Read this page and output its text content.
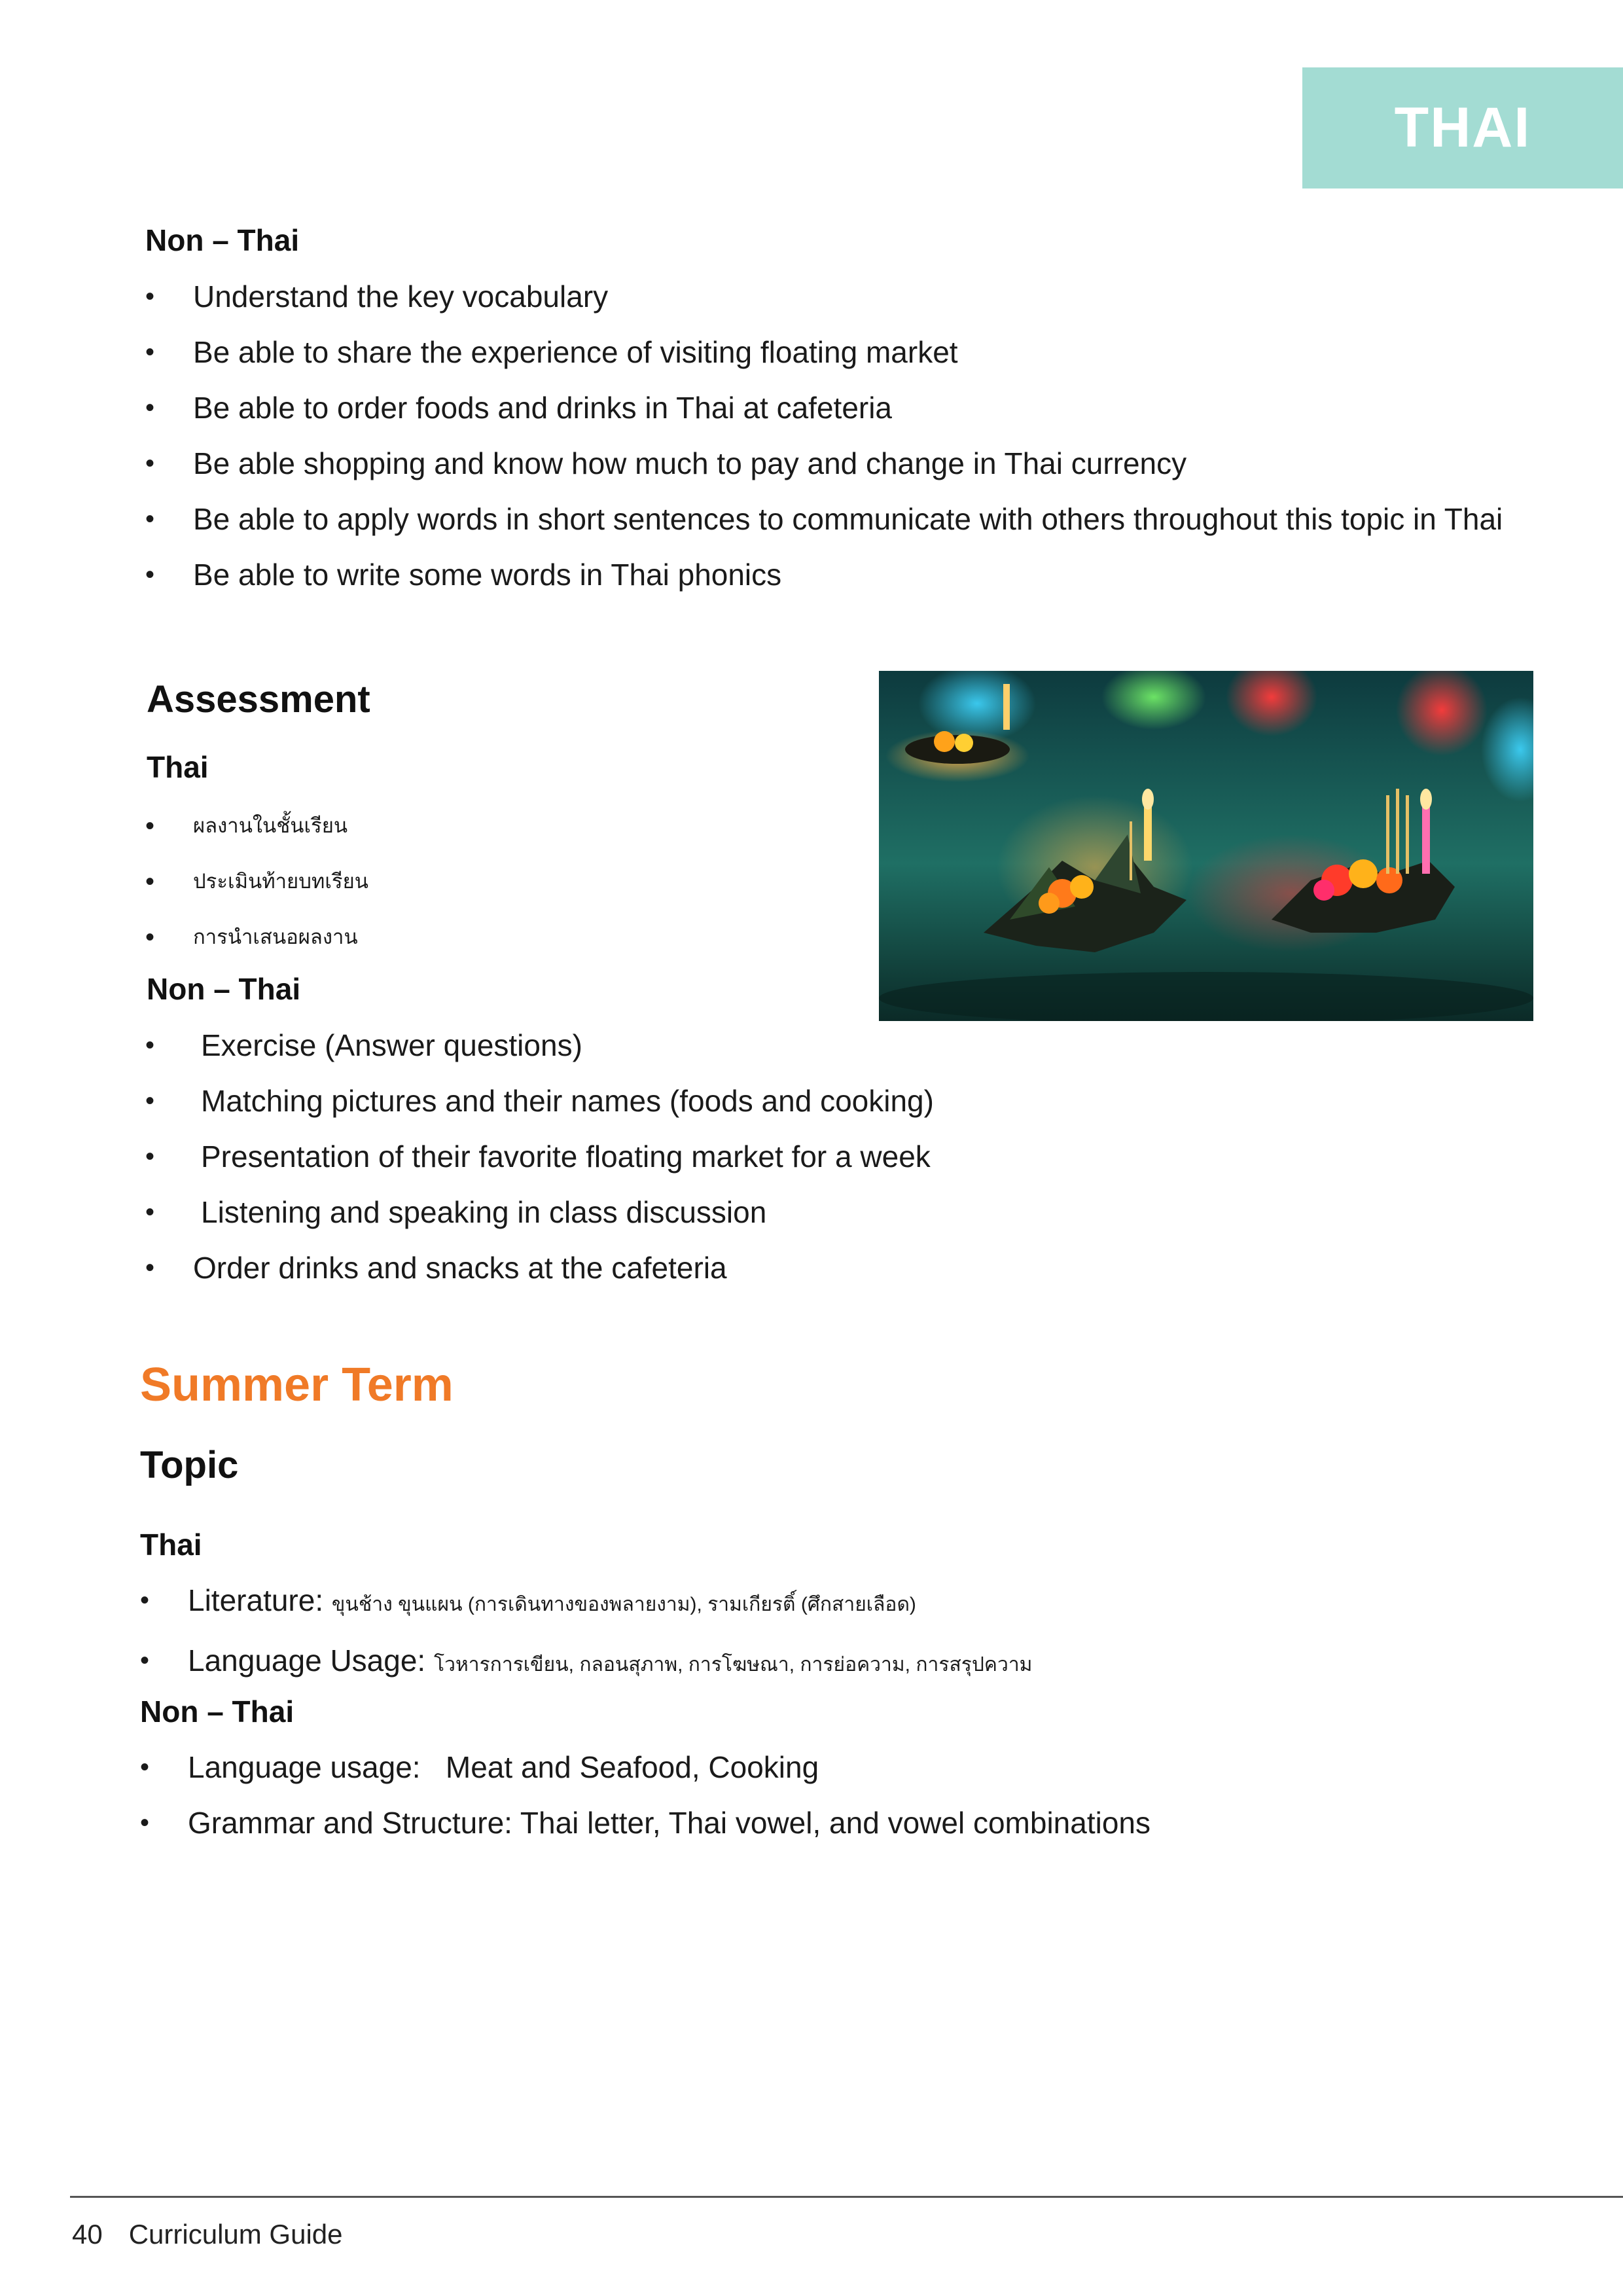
THAI
Non – Thai
• Understand the key vocabulary
• Be able to share the experience of visiting floating market
• Be able to order foods and drinks in Thai at cafeteria
• Be able shopping and know how much to pay and change in Thai currency
• Be able to apply words in short sentences to communicate with others throughout this topic in Thai
• Be able to write some words in Thai phonics
Assessment
Thai
• ผลงานในชั้นเรียน
• ประเมินท้ายบทเรียน
• การนำเสนอผลงาน
Non – Thai
• Exercise (Answer questions)
• Matching pictures and their names (foods and cooking)
• Presentation of their favorite floating market for a week
• Listening and speaking in class discussion
• Order drinks and snacks at the cafeteria
Summer Term
Topic
Thai
• Literature: ขุนช้าง ขุนแผน (การเดินทางของพลายงาม), รามเกียรติ์ (ศึกสายเลือด)
• Language Usage: โวหารการเขียน, กลอนสุภาพ, การโฆษณา, การย่อความ, การสรุปความ
Non – Thai
• Language usage:   Meat and Seafood, Cooking
• Grammar and Structure: Thai letter, Thai vowel, and vowel combinations
40 Curriculum Guide
